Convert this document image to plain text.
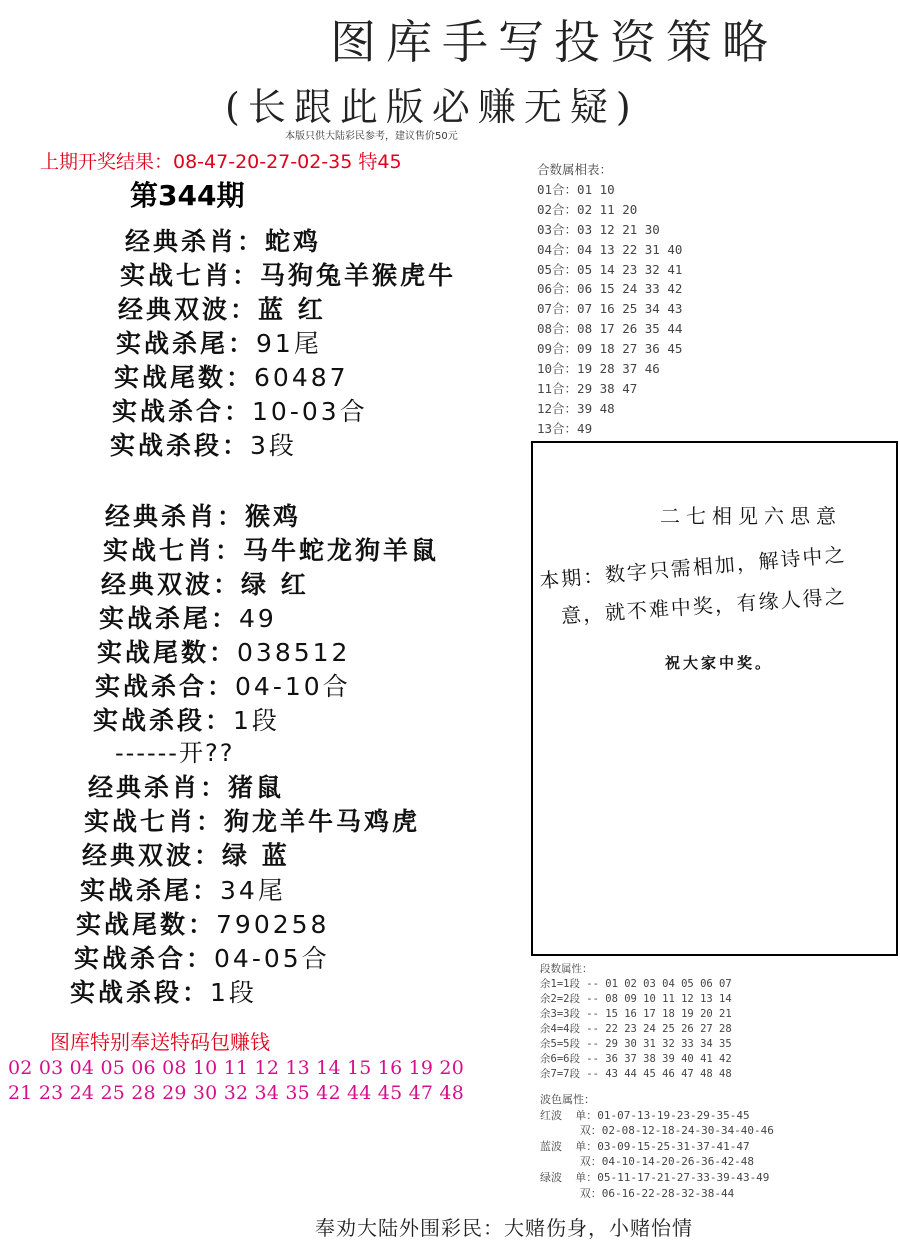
图库手写投资策略
(长跟此版必赚无疑)
本版只供大陆彩民参考，建议售价50元
上期开奖结果：08-47-20-27-02-35 特45
第344期
经典杀肖：蛇鸡
实战七肖：马狗兔羊猴虎牛
经典双波：蓝 红
实战杀尾：91尾
实战尾数：60487
实战杀合：10-03合
实战杀段：3段
经典杀肖：猴鸡
实战七肖：马牛蛇龙狗羊鼠
经典双波：绿 红
实战杀尾：49
实战尾数：038512
实战杀合：04-10合
实战杀段：1段
------开??
经典杀肖：猪鼠
实战七肖：狗龙羊牛马鸡虎
经典双波：绿 蓝
实战杀尾：34尾
实战尾数：790258
实战杀合：04-05合
实战杀段：1段
合数属相表：
01合：01 10
02合：02 11 20
03合：03 12 21 30
04合：04 13 22 31 40
05合：05 14 23 32 41
06合：06 15 24 33 42
07合：07 16 25 34 43
08合：08 17 26 35 44
09合：09 18 27 36 45
10合：19 28 37 46
11合：29 38 47
12合：39 48
13合：49
二七相见六思意
本期：数字只需相加，解诗中之
意，就不难中奖，有缘人得之
祝大家中奖。
图库特别奉送特码包赚钱
02 03 04 05 06 08 10 11 12 13 14 15 16 19 20
21 23 24 25 28 29 30 32 34 35 42 44 45 47 48
段数属性：
余1=1段 -- 01 02 03 04 05 06 07
余2=2段 -- 08 09 10 11 12 13 14
余3=3段 -- 15 16 17 18 19 20 21
余4=4段 -- 22 23 24 25 26 27 28
余5=5段 -- 29 30 31 32 33 34 35
余6=6段 -- 36 37 38 39 40 41 42
余7=7段 -- 43 44 45 46 47 48 48
波色属性：
红波  单：01-07-13-19-23-29-35-45
双：02-08-12-18-24-30-34-40-46
蓝波  单：03-09-15-25-31-37-41-47
双：04-10-14-20-26-36-42-48
绿波  单：05-11-17-21-27-33-39-43-49
双：06-16-22-28-32-38-44
奉劝大陆外围彩民：大赌伤身，小赌怡情
